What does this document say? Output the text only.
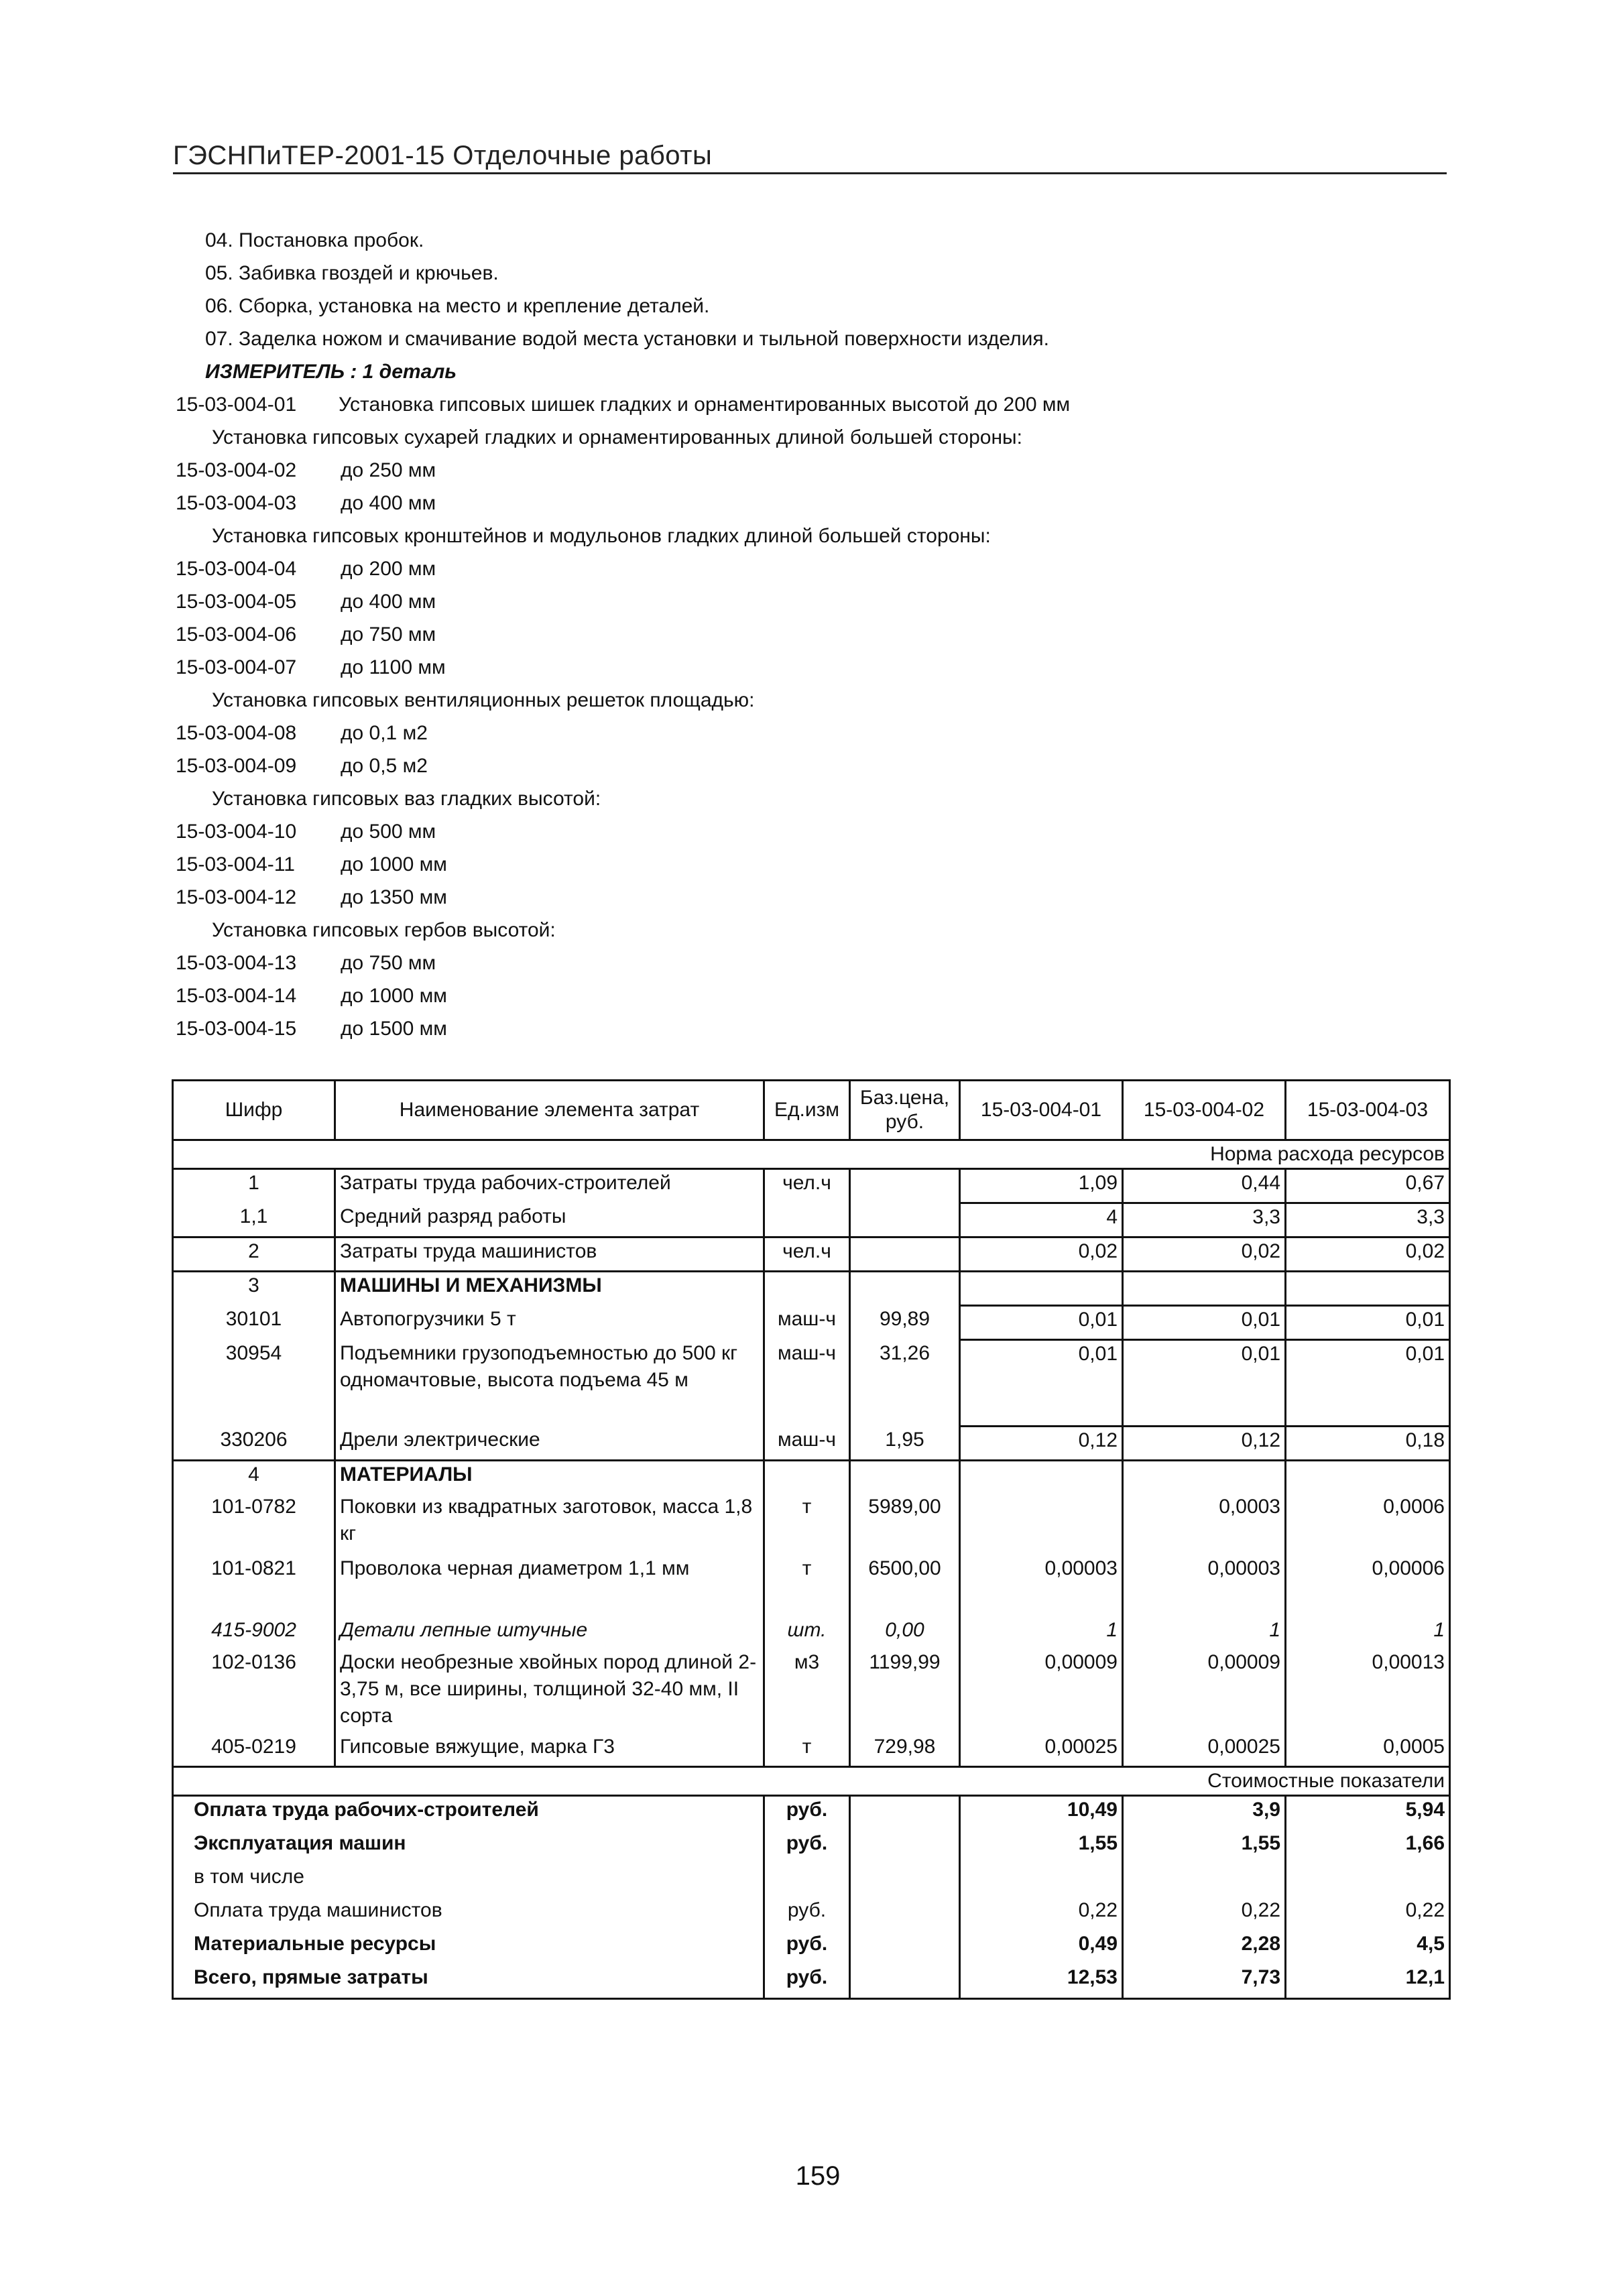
ГЭСНПиТЕР-2001-15 Отделочные работы
04. Постановка пробок.
05. Забивка гвоздей и крючьев.
06. Сборка, установка на место и крепление деталей.
07. Заделка ножом и смачивание водой места установки и тыльной поверхности изделия.
ИЗМЕРИТЕЛЬ : 1 деталь
15-03-004-01 Установка гипсовых шишек гладких и орнаментированных высотой до 200 мм
Установка гипсовых сухарей гладких и орнаментированных длиной большей стороны:
15-03-004-02 до 250 мм
15-03-004-03 до 400 мм
Установка гипсовых кронштейнов и модульонов гладких длиной большей стороны:
15-03-004-04 до 200 мм
15-03-004-05 до 400 мм
15-03-004-06 до 750 мм
15-03-004-07 до 1100 мм
Установка гипсовых вентиляционных решеток площадью:
15-03-004-08 до 0,1 м2
15-03-004-09 до 0,5 м2
Установка гипсовых ваз гладких высотой:
15-03-004-10 до 500 мм
15-03-004-11 до 1000 мм
15-03-004-12 до 1350 мм
Установка гипсовых гербов высотой:
15-03-004-13 до 750 мм
15-03-004-14 до 1000 мм
15-03-004-15 до 1500 мм
Шифр	Наименование элемента затрат	Ед.изм	Баз.цена, руб.	15-03-004-01	15-03-004-02	15-03-004-03
Норма расхода ресурсов						
1	Затраты труда рабочих-строителей	чел.ч		1,09	0,44	0,67
1,1	Средний разряд работы			4	3,3	3,3
2	Затраты труда машинистов	чел.ч		0,02	0,02	0,02
3	МАШИНЫ И МЕХАНИЗМЫ					
30101	Автопогрузчики 5 т	маш-ч	99,89	0,01	0,01	0,01
30954	Подъемники грузоподъемностью до 500 кг одномачтовые, высота подъема 45 м	маш-ч	31,26	0,01	0,01	0,01
330206	Дрели электрические	маш-ч	1,95	0,12	0,12	0,18
4	МАТЕРИАЛЫ					
101-0782	Поковки из квадратных заготовок, масса 1,8 кг	т	5989,00		0,0003	0,0006
101-0821	Проволока черная диаметром 1,1 мм	т	6500,00	0,00003	0,00003	0,00006
415-9002	Детали лепные штучные	шт.	0,00	1	1	1
102-0136	Доски необрезные хвойных пород длиной 2-3,75 м, все ширины, толщиной 32-40 мм, II сорта	м3	1199,99	0,00009	0,00009	0,00013
405-0219	Гипсовые вяжущие, марка Г3	т	729,98	0,00025	0,00025	0,0005
Стоимостные показатели						
Оплата труда рабочих-строителей		руб.		10,49	3,9	5,94
Эксплуатация машин		руб.		1,55	1,55	1,66
в том числе						
Оплата труда машинистов		руб.		0,22	0,22	0,22
Материальные ресурсы		руб.		0,49	2,28	4,5
Всего, прямые затраты		руб.		12,53	7,73	12,1
159
